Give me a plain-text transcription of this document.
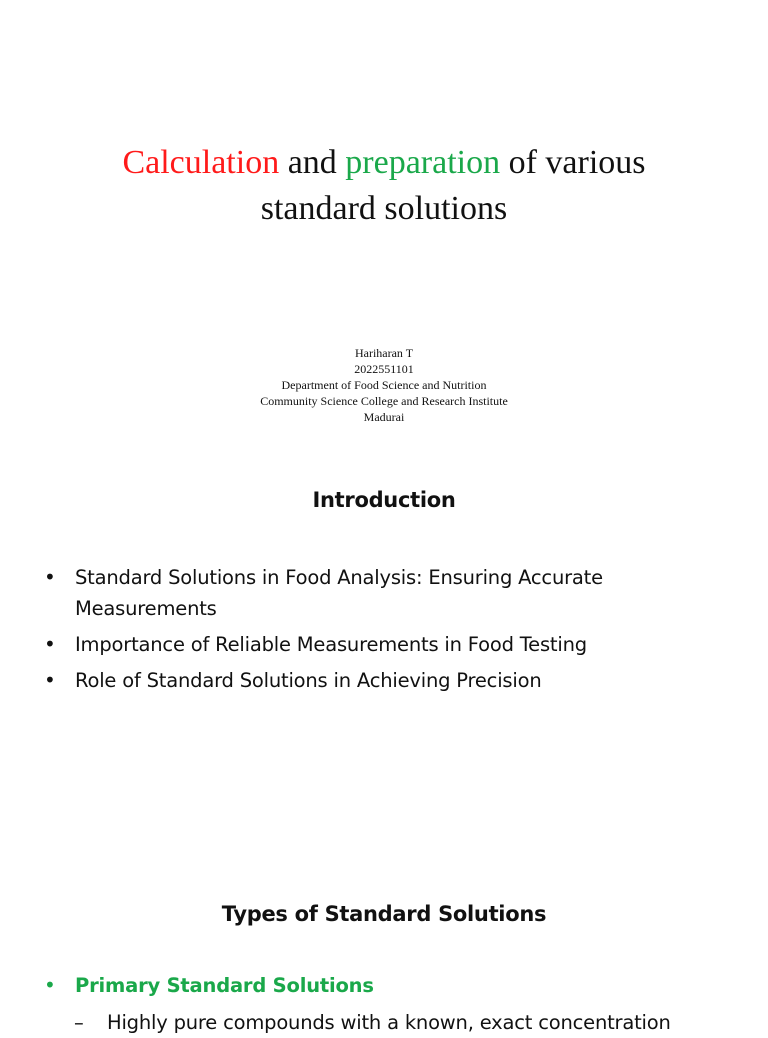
Calculation and preparation of various
standard solutions
Hariharan T
2022551101
Department of Food Science and Nutrition
Community Science College and Research Institute
Madurai
Introduction
• Standard Solutions in Food Analysis: Ensuring Accurate Measurements
• Importance of Reliable Measurements in Food Testing
• Role of Standard Solutions in Achieving Precision
Types of Standard Solutions
• Primary Standard Solutions
– Highly pure compounds with a known, exact concentration
